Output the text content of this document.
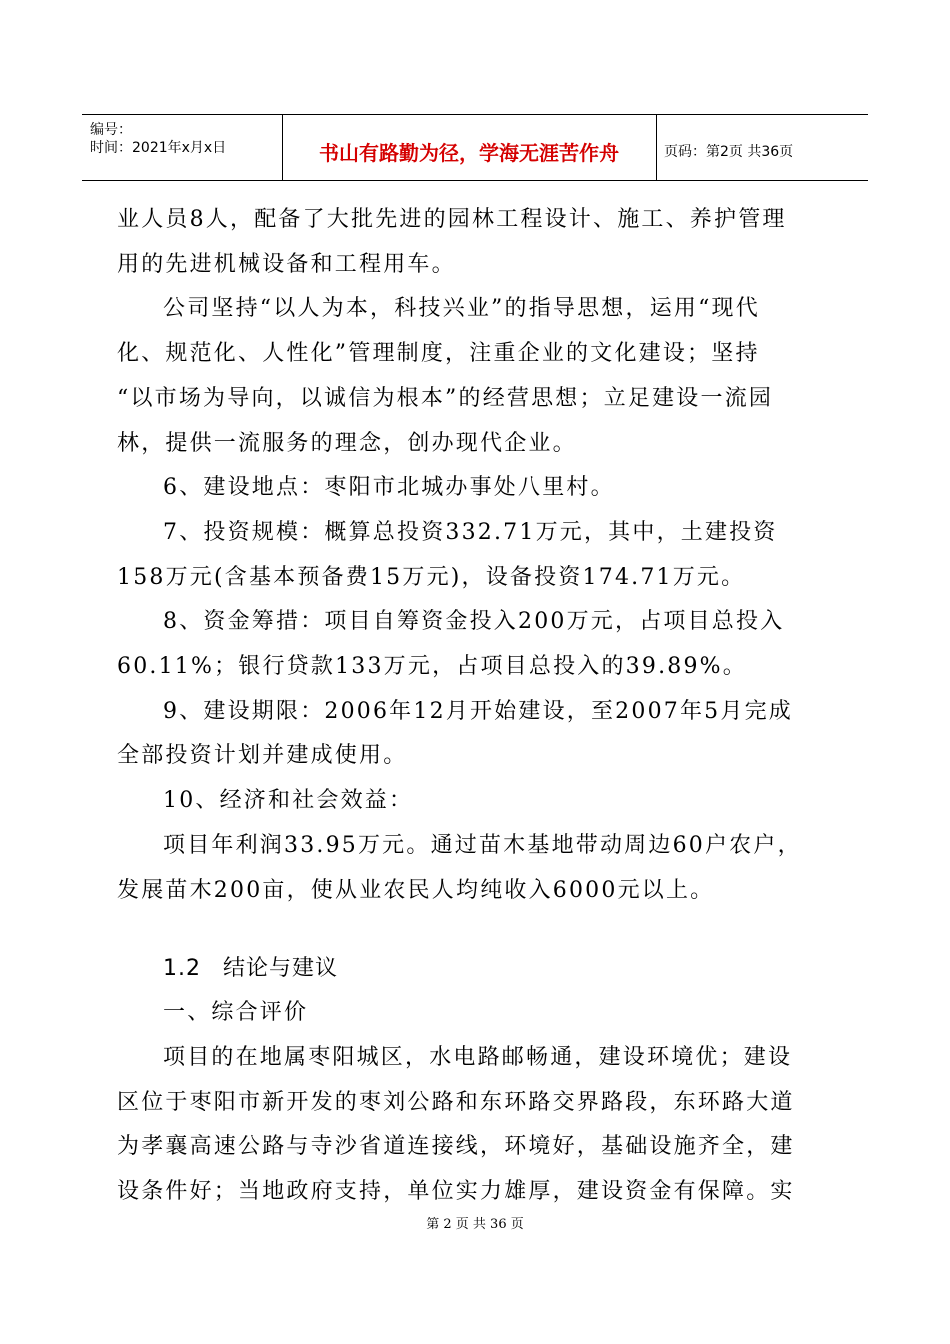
编号：
时间：2021年x月x日	书山有路勤为径，学海无涯苦作舟	页码：第2页 共36页

业人员8人，配备了大批先进的园林工程设计、施工、养护管理

用的先进机械设备和工程用车。

公司坚持“以人为本，科技兴业”的指导思想，运用“现代

化、规范化、人性化”管理制度，注重企业的文化建设；坚持

“以市场为导向，以诚信为根本”的经营思想；立足建设一流园

林，提供一流服务的理念，创办现代企业。

6、建设地点：枣阳市北城办事处八里村。

7、投资规模：概算总投资332.71万元，其中，土建投资

158万元(含基本预备费15万元)，设备投资174.71万元。

8、资金筹措：项目自筹资金投入200万元，占项目总投入

60.11%；银行贷款133万元，占项目总投入的39.89%。

9、建设期限：2006年12月开始建设，至2007年5月完成

全部投资计划并建成使用。

10、经济和社会效益：

项目年利润33.95万元。通过苗木基地带动周边60户农户，

发展苗木200亩，使从业农民人均纯收入6000元以上。

1.2 结论与建议

一、综合评价

项目的在地属枣阳城区，水电路邮畅通，建设环境优；建设

区位于枣阳市新开发的枣刘公路和东环路交界路段，东环路大道

为孝襄高速公路与寺沙省道连接线，环境好，基础设施齐全，建

设条件好；当地政府支持，单位实力雄厚，建设资金有保障。实

第 2 页 共 36 页
